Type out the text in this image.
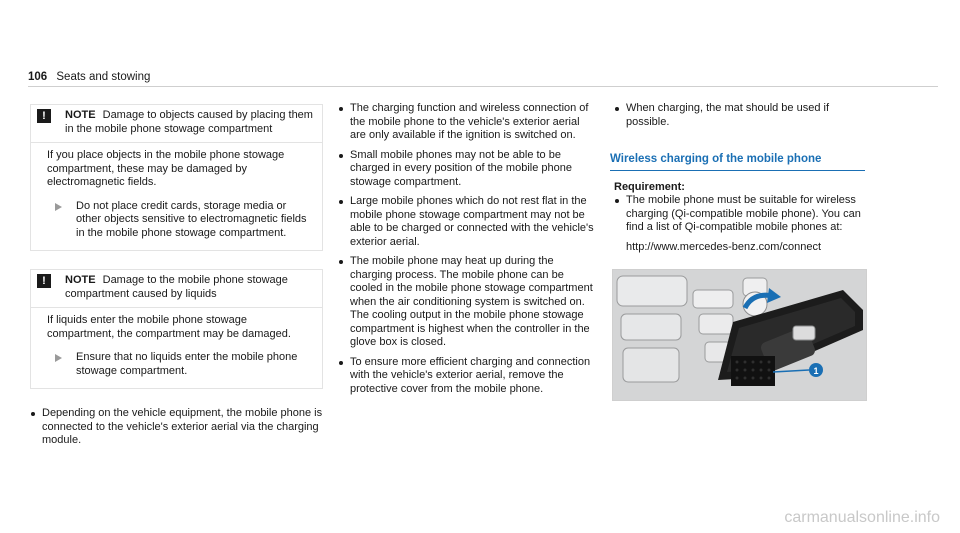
106 Seats and stowing
!	NOTE Damage to objects caused by placing them in the mobile phone stowage compartment

If you place objects in the mobile phone stowage compartment, these may be damaged by electromagnetic fields.

Do not place credit cards, storage media or other objects sensitive to electromagnetic fields in the mobile phone stowage compartment.
!	NOTE Damage to the mobile phone stowage compartment caused by liquids

If liquids enter the mobile phone stowage compartment, the compartment may be damaged.

Ensure that no liquids enter the mobile phone stowage compartment.
Depending on the vehicle equipment, the mobile phone is connected to the vehicle's exterior aerial via the charging module.
The charging function and wireless connection of the mobile phone to the vehicle's exterior aerial are only available if the ignition is switched on.
Small mobile phones may not be able to be charged in every position of the mobile phone stowage compartment.
Large mobile phones which do not rest flat in the mobile phone stowage compartment may not be able to be charged or connected with the vehicle's exterior aerial.
The mobile phone may heat up during the charging process. The mobile phone can be cooled in the mobile phone stowage compartment when the air conditioning system is switched on. The cooling output in the mobile phone stowage compartment is highest when the controller in the glove box is closed.
To ensure more efficient charging and connection with the vehicle's exterior aerial, remove the protective cover from the mobile phone.
When charging, the mat should be used if possible.
Wireless charging of the mobile phone
Requirement:
The mobile phone must be suitable for wireless charging (Qi-compatible mobile phone). You can find a list of Qi-compatible mobile phones at:
http://www.mercedes-benz.com/connect
1
carmanualsonline.info
